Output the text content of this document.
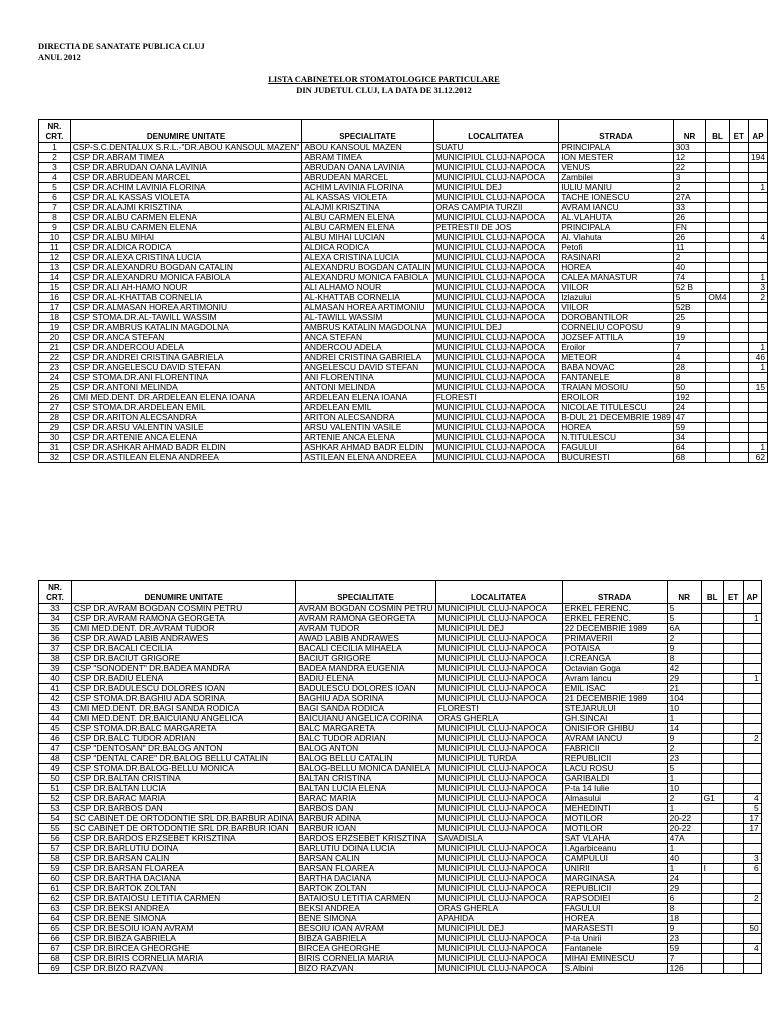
DIRECTIA DE SANATATE PUBLICA CLUJ
ANUL 2012
LISTA CABINETELOR STOMATOLOGICE PARTICULARE
DIN JUDETUL CLUJ, LA DATA DE 31.12.2012
NR. CRT.	DENUMIRE UNITATE	SPECIALITATE	LOCALITATEA	STRADA	NR	BL	ET	AP
1	CSP-S.C.DENTALUX S.R.L.-"DR.ABOU KANSOUL MAZEN"	ABOU KANSOUL MAZEN	SUATU	PRINCIPALA	303			
2	CSP DR.ABRAM TIMEA	ABRAM TIMEA	MUNICIPIUL CLUJ-NAPOCA	ION MESTER	12			194
3	CSP DR.ABRUDAN OANA LAVINIA	ABRUDAN OANA LAVINIA	MUNICIPIUL CLUJ-NAPOCA	VENUS	22			
4	CSP DR.ABRUDEAN MARCEL	ABRUDEAN MARCEL	MUNICIPIUL CLUJ-NAPOCA	Zambilei	3			
5	CSP DR.ACHIM LAVINIA FLORINA	ACHIM LAVINIA FLORINA	MUNICIPIUL DEJ	IULIU MANIU	2			1
6	CSP DR.AL KASSAS VIOLETA	AL KASSAS VIOLETA	MUNICIPIUL CLUJ-NAPOCA	TACHE IONESCU	27A			
7	CSP DR.ALAJMI KRISZTINA	ALAJMI KRISZTINA	ORAS CAMPIA TURZII	AVRAM IANCU	33			
8	CSP DR.ALBU CARMEN ELENA	ALBU CARMEN ELENA	MUNICIPIUL CLUJ-NAPOCA	AL.VLAHUTA	26			
9	CSP DR.ALBU CARMEN ELENA	ALBU CARMEN ELENA	PETRESTII DE JOS	PRINCIPALA	FN			
10	CSP DR.ALBU MIHAI	ALBU MIHAI LUCIAN	MUNICIPIUL CLUJ-NAPOCA	Al. Vlahuta	26			4
11	CSP DR.ALDICA RODICA	ALDICA RODICA	MUNICIPIUL CLUJ-NAPOCA	Petofi	11			
12	CSP DR.ALEXA CRISTINA LUCIA	ALEXA CRISTINA LUCIA	MUNICIPIUL CLUJ-NAPOCA	RASINARI	2			
13	CSP DR.ALEXANDRU BOGDAN CATALIN	ALEXANDRU BOGDAN CATALIN	MUNICIPIUL CLUJ-NAPOCA	HOREA	40			
14	CSP DR.ALEXANDRU MONICA FABIOLA	ALEXANDRU MONICA FABIOLA	MUNICIPIUL CLUJ-NAPOCA	CALEA MANASTUR	74			1
15	CSP DR.ALI AH-HAMO NOUR	ALI ALHAMO NOUR	MUNICIPIUL CLUJ-NAPOCA	VIILOR	52 B			3
16	CSP DR.AL-KHATTAB CORNELIA	AL-KHATTAB CORNELIA	MUNICIPIUL CLUJ-NAPOCA	Izlazului	5	OM4		2
17	CSP DR.ALMASAN HOREA ARTIMONIU	ALMASAN HOREA ARTIMONIU	MUNICIPIUL CLUJ-NAPOCA	VIILOR	52B			
18	CSP STOMA.DR.AL-TAWILL WASSIM	AL-TAWILL WASSIM	MUNICIPIUL CLUJ-NAPOCA	DOROBANTILOR	25			
19	CSP DR.AMBRUS KATALIN MAGDOLNA	AMBRUS KATALIN MAGDOLNA	MUNICIPIUL DEJ	CORNELIU COPOSU	9			
20	CSP DR.ANCA STEFAN	ANCA STEFAN	MUNICIPIUL CLUJ-NAPOCA	JOZSEF ATTILA	19			
21	CSP DR.ANDERCOU ADELA	ANDERCOU ADELA	MUNICIPIUL CLUJ-NAPOCA	Eroilor	7			1
22	CSP DR.ANDREI CRISTINA GABRIELA	ANDREI CRISTINA GABRIELA	MUNICIPIUL CLUJ-NAPOCA	METEOR	4			46
23	CSP DR.ANGELESCU DAVID STEFAN	ANGELESCU DAVID STEFAN	MUNICIPIUL CLUJ-NAPOCA	BABA NOVAC	28			1
24	CSP STOMA.DR.ANI FLORENTINA	ANI FLORENTINA	MUNICIPIUL CLUJ-NAPOCA	FANTANELE	8			
25	CSP DR.ANTONI MELINDA	ANTONI MELINDA	MUNICIPIUL CLUJ-NAPOCA	TRAIAN MOSOIU	50			15
26	CMI MED.DENT. DR.ARDELEAN ELENA IOANA	ARDELEAN ELENA IOANA	FLORESTI	EROILOR	192			
27	CSP STOMA.DR.ARDELEAN EMIL	ARDELEAN EMIL	MUNICIPIUL CLUJ-NAPOCA	NICOLAE TITULESCU	24			
28	CSP DR.ARITON ALECSANDRA	ARITON ALECSANDRA	MUNICIPIUL CLUJ-NAPOCA	B-DUL 21 DECEMBRIE 1989	47			
29	CSP DR.ARSU VALENTIN VASILE	ARSU VALENTIN VASILE	MUNICIPIUL CLUJ-NAPOCA	HOREA	59			
30	CSP DR.ARTENIE ANCA ELENA	ARTENIE ANCA ELENA	MUNICIPIUL CLUJ-NAPOCA	N.TITULESCU	34			
31	CSP DR.ASHKAR AHMAD BADR ELDIN	ASHKAR AHMAD BADR ELDIN	MUNICIPIUL CLUJ-NAPOCA	FAGULUI	64			1
32	CSP DR.ASTILEAN ELENA ANDREEA	ASTILEAN ELENA ANDREEA	MUNICIPIUL CLUJ-NAPOCA	BUCURESTI	68			62
NR. CRT.	DENUMIRE UNITATE	SPECIALITATE	LOCALITATEA	STRADA	NR	BL	ET	AP
33	CSP DR.AVRAM BOGDAN COSMIN PETRU	AVRAM BOGDAN COSMIN PETRU	MUNICIPIUL CLUJ-NAPOCA	ERKEL FERENC.	5			
34	CSP DR.AVRAM RAMONA GEORGETA	AVRAM RAMONA GEORGETA	MUNICIPIUL CLUJ-NAPOCA	ERKEL FERENC.	5			1
35	CMI MED.DENT. DR.AVRAM TUDOR	AVRAM TUDOR	MUNICIPIUL DEJ	22 DECEMBRIE 1989	6A			
36	CSP DR.AWAD LABIB ANDRAWES	AWAD LABIB ANDRAWES	MUNICIPIUL CLUJ-NAPOCA	PRIMAVERII	2			
37	CSP DR.BACALI CECILIA	BACALI CECILIA MIHAELA	MUNICIPIUL CLUJ-NAPOCA	POTAISA	9			
38	CSP DR.BACIUT GRIGORE	BACIUT GRIGORE	MUNICIPIUL CLUJ-NAPOCA	I.CREANGA	8			
39	CSP "SONODENT" DR.BADEA MANDRA	BADEA MANDRA EUGENIA	MUNICIPIUL CLUJ-NAPOCA	Octavian Goga	42			
40	CSP DR.BADIU ELENA	BADIU ELENA	MUNICIPIUL CLUJ-NAPOCA	Avram Iancu	29			1
41	CSP DR.BADULESCU DOLORES IOAN	BADULESCU DOLORES IOAN	MUNICIPIUL CLUJ-NAPOCA	EMIL ISAC	21			
42	CSP STOMA.DR.BAGHIU ADA SORINA	BAGHIU ADA SORINA	MUNICIPIUL CLUJ-NAPOCA	21 DECEMBRIE 1989	104			
43	CMI MED.DENT. DR.BAGI SANDA RODICA	BAGI SANDA RODICA	FLORESTI	STEJARULUI	10			
44	CMI MED.DENT. DR.BAICUIANU ANGELICA	BAICUIANU ANGELICA CORINA	ORAS GHERLA	GH.SINCAI	1			
45	CSP STOMA.DR.BALC MARGARETA	BALC MARGARETA	MUNICIPIUL CLUJ-NAPOCA	ONISIFOR GHIBU	14			
46	CSP DR.BALC TUDOR ADRIAN	BALC TUDOR ADRIAN	MUNICIPIUL CLUJ-NAPOCA	AVRAM IANCU	9			2
47	CSP "DENTOSAN" DR.BALOG ANTON	BALOG ANTON	MUNICIPIUL CLUJ-NAPOCA	FABRICII	2			
48	CSP "DENTAL CARE" DR.BALOG BELLU CATALIN	BALOG BELLU CATALIN	MUNICIPIUL TURDA	REPUBLICII	23			
49	CSP STOMA.DR.BALOG-BELLU MONICA	BALOG-BELLU MONICA DANIELA	MUNICIPIUL CLUJ-NAPOCA	LACU ROSU	5			
50	CSP DR.BALTAN CRISTINA	BALTAN CRISTINA	MUNICIPIUL CLUJ-NAPOCA	GARIBALDI	1			
51	CSP DR.BALTAN LUCIA	BALTAN LUCIA ELENA	MUNICIPIUL CLUJ-NAPOCA	P-ta 14 Iulie	10			
52	CSP DR.BARAC MARIA	BARAC MARIA	MUNICIPIUL CLUJ-NAPOCA	Almasului	2	G1		4
53	CSP DR.BARBOS DAN	BARBOS DAN	MUNICIPIUL CLUJ-NAPOCA	MEHEDINTI	1			5
54	SC CABINET DE ORTODONTIE SRL DR.BARBUR ADINA	BARBUR ADINA	MUNICIPIUL CLUJ-NAPOCA	MOTILOR	20-22			17
55	SC CABINET DE ORTODONTIE SRL DR.BARBUR IOAN	BARBUR IOAN	MUNICIPIUL CLUJ-NAPOCA	MOTILOR	20-22			17
56	CSP DR.BARDOS ERZSEBET KRISZTINA	BARDOS ERZSEBET KRISZTINA	SAVADISLA	SAT VLAHA	47A			
57	CSP DR.BARLUTIU DOINA	BARLUTIU DOINA LUCIA	MUNICIPIUL CLUJ-NAPOCA	I.Agarbiceanu	1			
58	CSP DR.BARSAN CALIN	BARSAN CALIN	MUNICIPIUL CLUJ-NAPOCA	CAMPULUI	40			3
59	CSP DR.BARSAN FLOAREA	BARSAN FLOAREA	MUNICIPIUL CLUJ-NAPOCA	UNIRII	1	I		6
60	CSP DR.BARTHA DACIANA	BARTHA DACIANA	MUNICIPIUL CLUJ-NAPOCA	MARGINASA	24			
61	CSP DR.BARTOK ZOLTAN	BARTOK ZOLTAN	MUNICIPIUL CLUJ-NAPOCA	REPUBLICII	29			
62	CSP DR.BATAIOSU LETITIA CARMEN	BATAIOSU LETITIA CARMEN	MUNICIPIUL CLUJ-NAPOCA	RAPSODIEI	6			2
63	CSP DR.BEKSI ANDREA	BEKSI ANDREA	ORAS GHERLA	FAGULUI	8			
64	CSP DR.BENE SIMONA	BENE SIMONA	APAHIDA	HOREA	18			
65	CSP DR.BESOIU IOAN AVRAM	BESOIU IOAN AVRAM	MUNICIPIUL DEJ	MARASESTI	9			50
66	CSP DR.BIBZA GABRIELA	BIBZA GABRIELA	MUNICIPIUL CLUJ-NAPOCA	P-ta Unirii	23			
67	CSP DR.BIRCEA GHEORGHE	BIRCEA GHEORGHE	MUNICIPIUL CLUJ-NAPOCA	Fantanele	59			4
68	CSP DR.BIRIS CORNELIA MARIA	BIRIS CORNELIA MARIA	MUNICIPIUL CLUJ-NAPOCA	MIHAI EMINESCU	7			
69	CSP DR.BIZO RAZVAN	BIZO RAZVAN	MUNICIPIUL CLUJ-NAPOCA	S.Albini	126			
